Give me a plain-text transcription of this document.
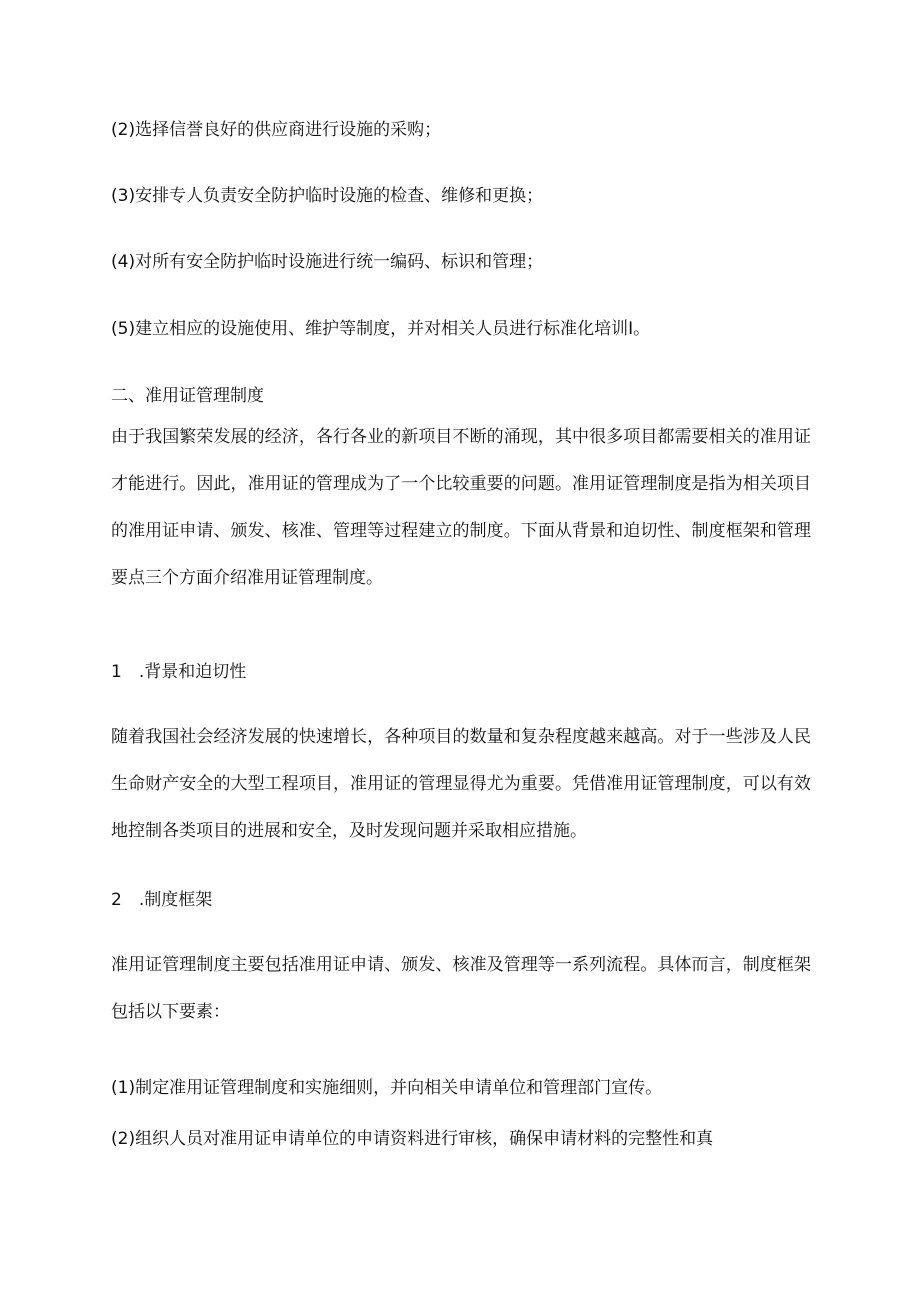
(2)选择信誉良好的供应商进行设施的采购；
(3)安排专人负责安全防护临时设施的检查、维修和更换；
(4)对所有安全防护临时设施进行统一编码、标识和管理；
(5)建立相应的设施使用、维护等制度，并对相关人员进行标准化培训I。
二、准用证管理制度
由于我国繁荣发展的经济，各行各业的新项目不断的涌现，其中很多项目都需要相关的准用证才能进行。因此，准用证的管理成为了一个比较重要的问题。准用证管理制度是指为相关项目的准用证申请、颁发、核准、管理等过程建立的制度。下面从背景和迫切性、制度框架和管理要点三个方面介绍准用证管理制度。
1　.背景和迫切性
随着我国社会经济发展的快速增长，各种项目的数量和复杂程度越来越高。对于一些涉及人民生命财产安全的大型工程项目，准用证的管理显得尤为重要。凭借准用证管理制度，可以有效地控制各类项目的进展和安全，及时发现问题并采取相应措施。
2　.制度框架
准用证管理制度主要包括准用证申请、颁发、核准及管理等一系列流程。具体而言，制度框架包括以下要素：
(1)制定准用证管理制度和实施细则，并向相关申请单位和管理部门宣传。
(2)组织人员对准用证申请单位的申请资料进行审核，确保申请材料的完整性和真
